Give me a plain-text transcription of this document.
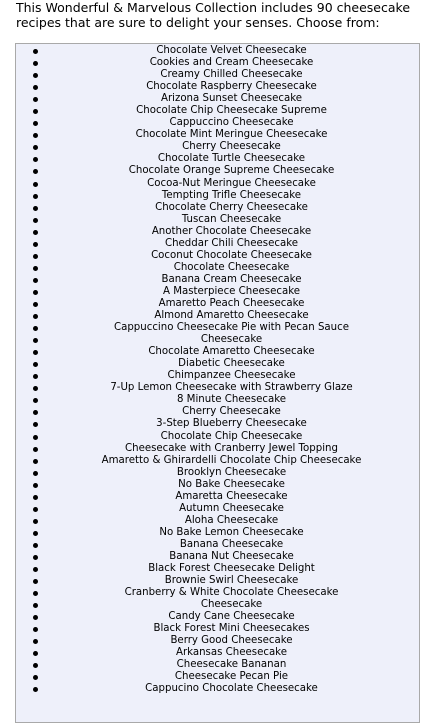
This Wonderful & Marvelous Collection includes 90 cheesecake recipes that are sure to delight your senses. Choose from:

Chocolate Velvet Cheesecake
Cookies and Cream Cheesecake
Creamy Chilled Cheesecake
Chocolate Raspberry Cheesecake
Arizona Sunset Cheesecake
Chocolate Chip Cheesecake Supreme
Cappuccino Cheesecake
Chocolate Mint Meringue Cheesecake
Cherry Cheesecake
Chocolate Turtle Cheesecake
Chocolate Orange Supreme Cheesecake
Cocoa-Nut Meringue Cheesecake
Tempting Trifle Cheesecake
Chocolate Cherry Cheesecake
Tuscan Cheesecake
Another Chocolate Cheesecake
Cheddar Chili Cheesecake
Coconut Chocolate Cheesecake
Chocolate Cheesecake
Banana Cream Cheesecake
A Masterpiece Cheesecake
Amaretto Peach Cheesecake
Almond Amaretto Cheesecake
Cappuccino Cheesecake Pie with Pecan Sauce
Cheesecake
Chocolate Amaretto Cheesecake
Diabetic Cheesecake
Chimpanzee Cheesecake
7-Up Lemon Cheesecake with Strawberry Glaze
8 Minute Cheesecake
Cherry Cheesecake
3-Step Blueberry Cheesecake
Chocolate Chip Cheesecake
Cheesecake with Cranberry Jewel Topping
Amaretto & Ghirardelli Chocolate Chip Cheesecake
Brooklyn Cheesecake
No Bake Cheesecake
Amaretta Cheesecake
Autumn Cheesecake
Aloha Cheesecake
No Bake Lemon Cheesecake
Banana Cheesecake
Banana Nut Cheesecake
Black Forest Cheesecake Delight
Brownie Swirl Cheesecake
Cranberry & White Chocolate Cheesecake
Cheesecake
Candy Cane Cheesecake
Black Forest Mini Cheesecakes
Berry Good Cheesecake
Arkansas Cheesecake
Cheesecake Bananan
Cheesecake Pecan Pie
Cappucino Chocolate Cheesecake
